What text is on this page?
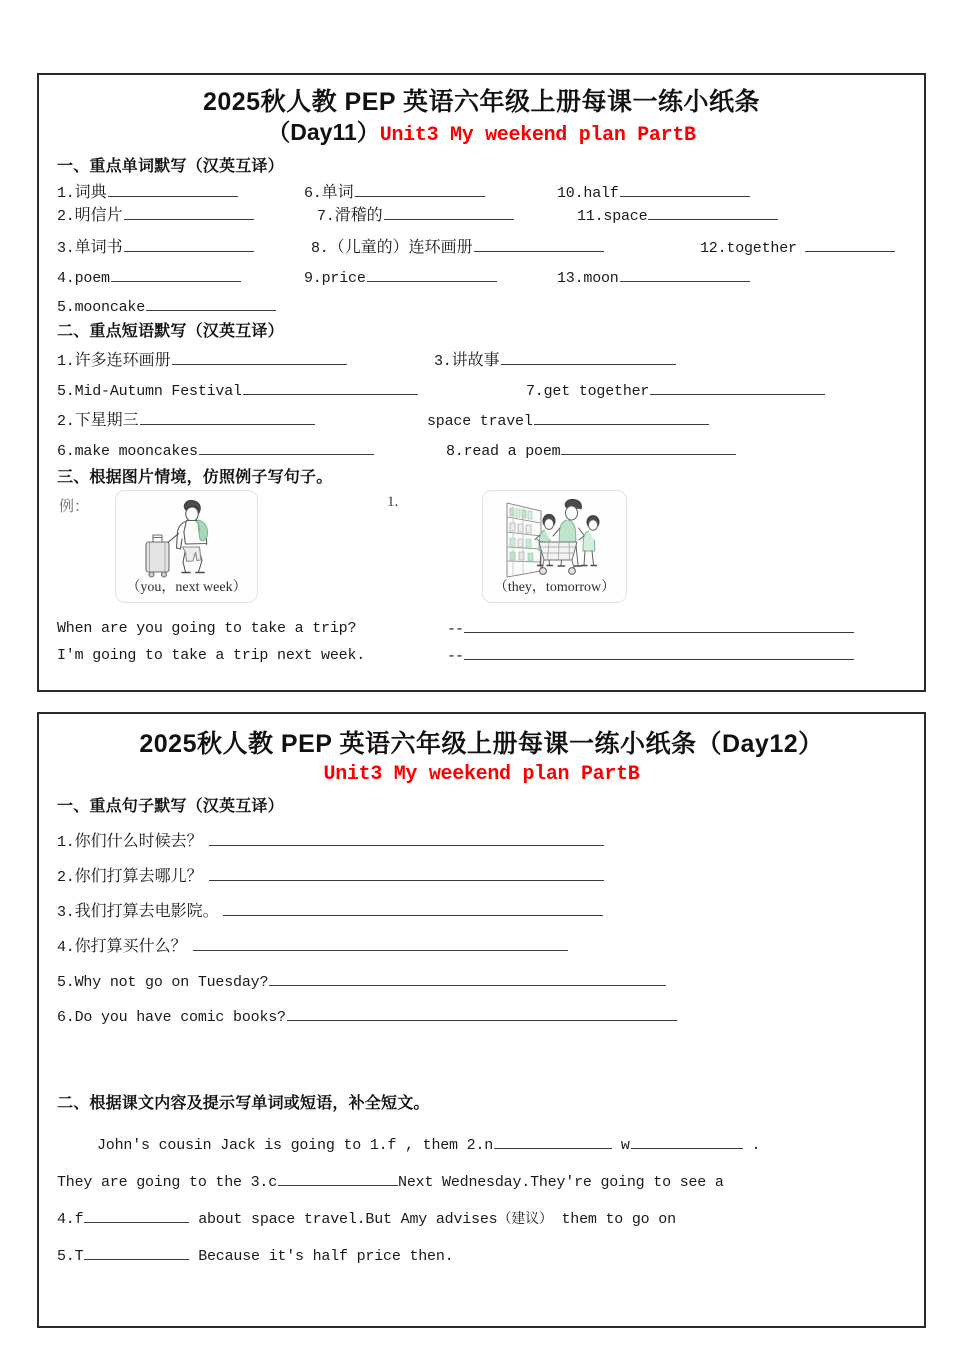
2025秋人教 PEP 英语六年级上册每课一练小纸条
（Day11）Unit3 My weekend plan PartB
一、重点单词默写（汉英互译）
1.词典	6.单词	10.half
2.明信片	7.滑稽的	11.space
3.单词书	8.（儿童的）连环画册	12.together
4.poem	9.price	13.moon
5.mooncake
二、重点短语默写（汉英互译）
1.许多连环画册	3.讲故事
5.Mid-Autumn Festival	7.get together
2.下星期三	space travel
6.make mooncakes	8.read a poem
三、根据图片情境，仿照例子写句子。
例：	1.
（you，next week）	（they，tomorrow）
When are you going to take a trip?	--
I'm going to take a trip next week.	--
2025秋人教 PEP 英语六年级上册每课一练小纸条（Day12）
Unit3 My weekend plan PartB
一、重点句子默写（汉英互译）
1.你们什么时候去？
2.你们打算去哪儿？
3.我们打算去电影院。
4.你打算买什么？
5.Why not go on Tuesday?
6.Do you have comic books?
二、根据课文内容及提示写单词或短语，补全短文。
John's cousin Jack is going to 1.f , them 2.n	w	.
They are going to the 3.c	Next Wednesday.They're going to see a
4.f	about space travel.But Amy advises（建议） them to go on
5.T	Because it's half price then.
